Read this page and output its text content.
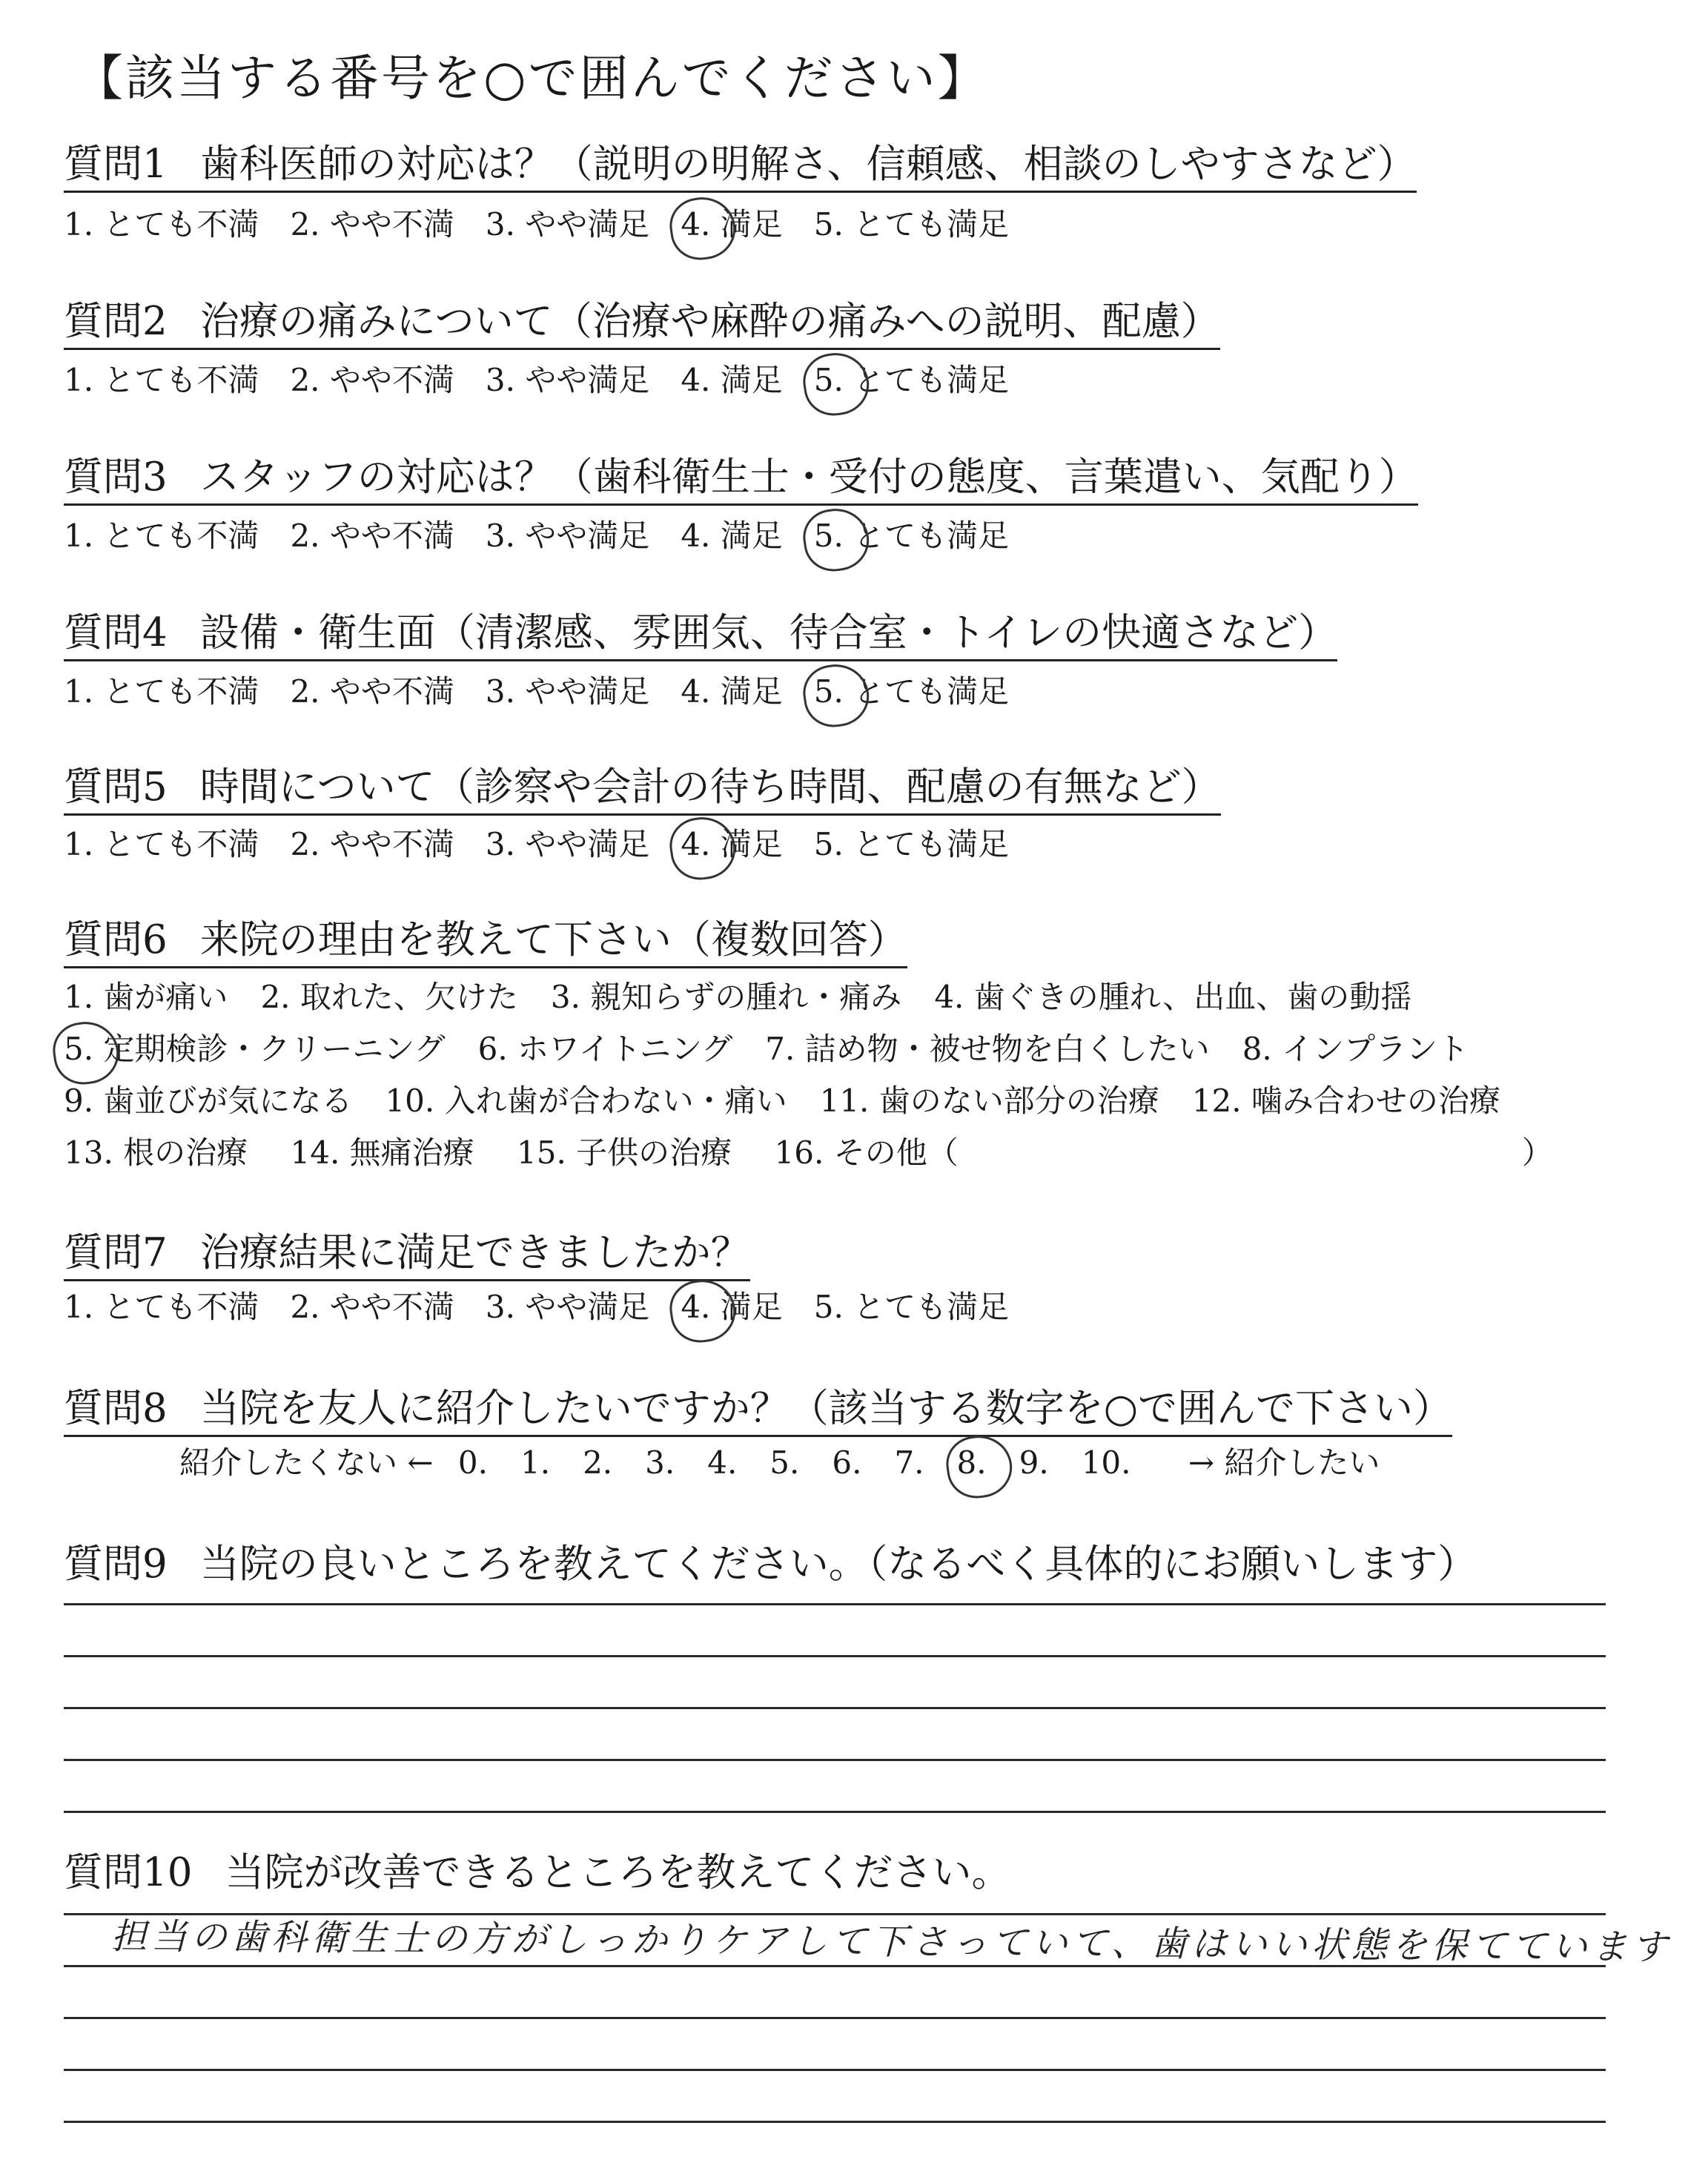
【該当する番号を○で囲んでください】
質問1 歯科医師の対応は？（説明の明解さ、信頼感、相談のしやすさなど）
1. とても不満 2. やや不満 3. やや満足 4. 満足 5. とても満足
質問2 治療の痛みについて（治療や麻酔の痛みへの説明、配慮）
1. とても不満 2. やや不満 3. やや満足 4. 満足 5. とても満足
質問3 スタッフの対応は？（歯科衛生士・受付の態度、言葉遣い、気配り）
1. とても不満 2. やや不満 3. やや満足 4. 満足 5. とても満足
質問4 設備・衛生面（清潔感、雰囲気、待合室・トイレの快適さなど）
1. とても不満 2. やや不満 3. やや満足 4. 満足 5. とても満足
質問5 時間について（診察や会計の待ち時間、配慮の有無など）
1. とても不満 2. やや不満 3. やや満足 4. 満足 5. とても満足
質問6 来院の理由を教えて下さい（複数回答）
1. 歯が痛い 2. 取れた、欠けた 3. 親知らずの腫れ・痛み 4. 歯ぐきの腫れ、出血、歯の動揺
5. 定期検診・クリーニング 6. ホワイトニング 7. 詰め物・被せ物を白くしたい 8. インプラント
9. 歯並びが気になる 10. 入れ歯が合わない・痛い 11. 歯のない部分の治療 12. 噛み合わせの治療
13. 根の治療 14. 無痛治療 15. 子供の治療 16. その他（	）
質問7 治療結果に満足できましたか？
1. とても不満 2. やや不満 3. やや満足 4. 満足 5. とても満足
質問8 当院を友人に紹介したいですか？（該当する数字を○で囲んで下さい）
紹介したくない ← 0. 1. 2. 3. 4. 5. 6. 7. 8. 9. 10. → 紹介したい
質問9 当院の良いところを教えてください。（なるべく具体的にお願いします）
質問10 当院が改善できるところを教えてください。
担当の歯科衛生士の方がしっかりケアして下さっていて、歯はいい状態を保てています
